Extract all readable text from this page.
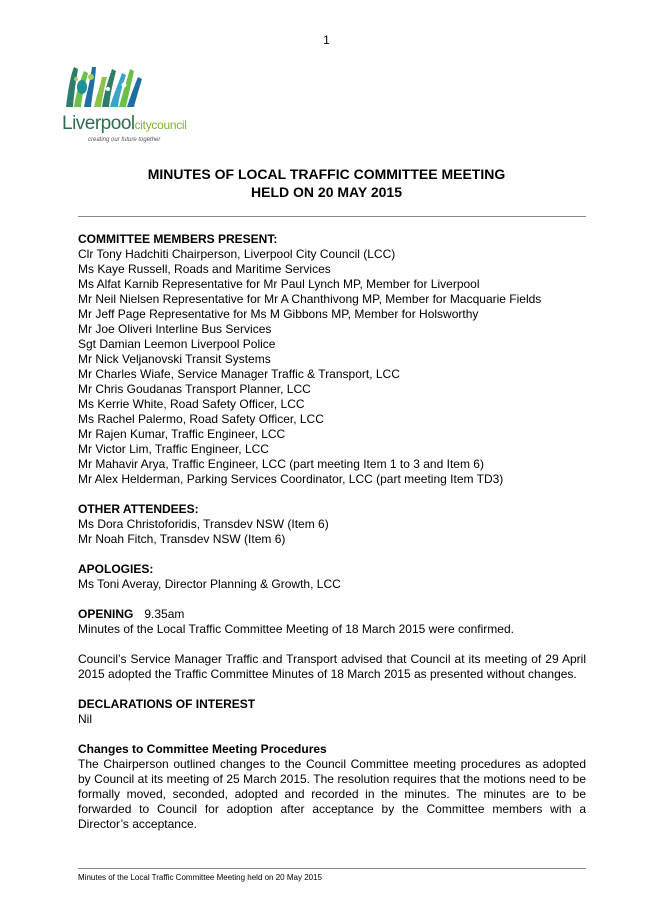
1
Liverpoolcitycouncil
creating our future together
MINUTES OF LOCAL TRAFFIC COMMITTEE MEETING
HELD ON 20 MAY 2015
COMMITTEE MEMBERS PRESENT:
Clr Tony Hadchiti Chairperson, Liverpool City Council (LCC)
Ms Kaye Russell, Roads and Maritime Services
Ms Alfat Karnib Representative for Mr Paul Lynch MP, Member for Liverpool
Mr Neil Nielsen Representative for Mr A Chanthivong MP, Member for Macquarie Fields
Mr Jeff Page Representative for Ms M Gibbons MP, Member for Holsworthy
Mr Joe Oliveri Interline Bus Services
Sgt Damian Leemon Liverpool Police
Mr Nick Veljanovski Transit Systems
Mr Charles Wiafe, Service Manager Traffic & Transport, LCC
Mr Chris Goudanas Transport Planner, LCC
Ms Kerrie White, Road Safety Officer, LCC
Ms Rachel Palermo, Road Safety Officer, LCC
Mr Rajen Kumar, Traffic Engineer, LCC
Mr Victor Lim, Traffic Engineer, LCC
Mr Mahavir Arya, Traffic Engineer, LCC (part meeting Item 1 to 3 and Item 6)
Mr Alex Helderman, Parking Services Coordinator, LCC (part meeting Item TD3)
OTHER ATTENDEES:
Ms Dora Christoforidis, Transdev NSW (Item 6)
Mr Noah Fitch, Transdev NSW (Item 6)
APOLOGIES:
Ms Toni Averay, Director Planning & Growth, LCC
OPENING 9.35am

Minutes of the Local Traffic Committee Meeting of 18 March 2015 were confirmed.

Council’s Service Manager Traffic and Transport advised that Council at its meeting of 29 April 2015 adopted the Traffic Committee Minutes of 18 March 2015 as presented without changes.

DECLARATIONS OF INTEREST

Nil

Changes to Committee Meeting Procedures

The Chairperson outlined changes to the Council Committee meeting procedures as adopted by Council at its meeting of 25 March 2015. The resolution requires that the motions need to be formally moved, seconded, adopted and recorded in the minutes. The minutes are to be forwarded to Council for adoption after acceptance by the Committee members with a Director’s acceptance.

Minutes of the Local Traffic Committee Meeting held on 20 May 2015
